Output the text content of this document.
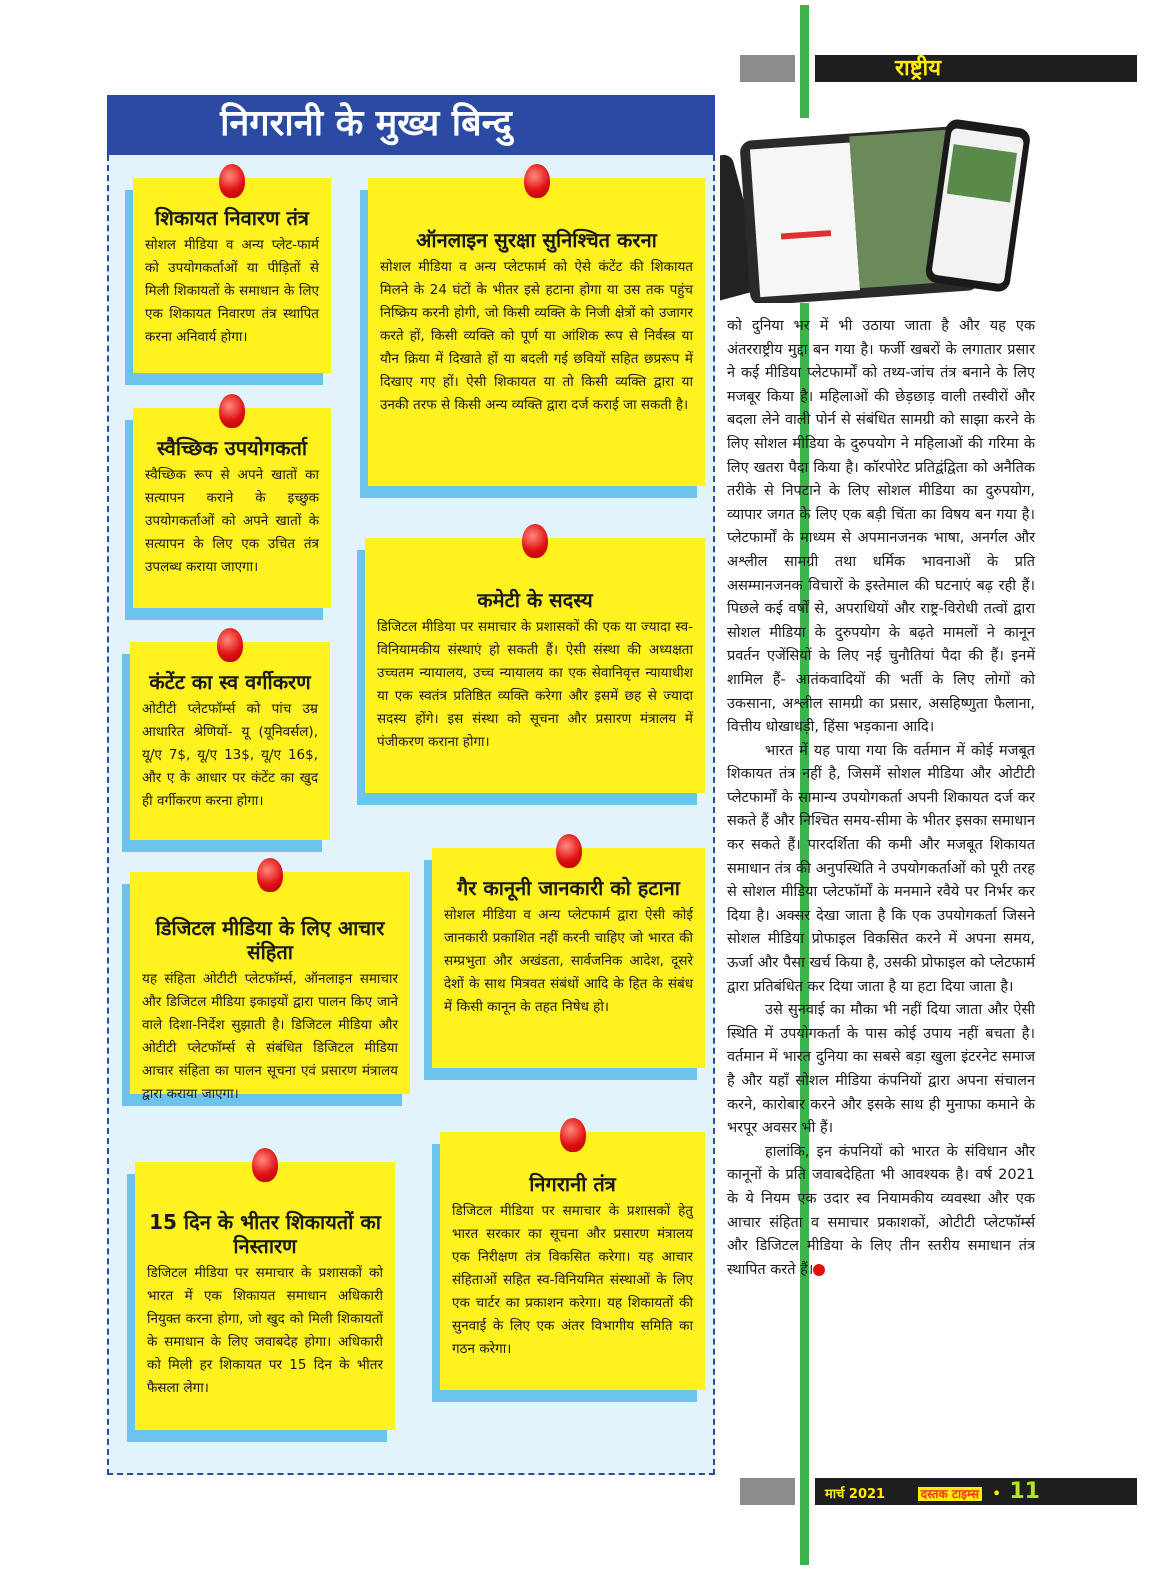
राष्ट्रीय
निगरानी के मुख्य बिन्दु
शिकायत निवारण तंत्र

सोशल मीडिया व अन्य प्लेट-फार्म को उपयोगकर्ताओं या पीड़ितों से मिली शिकायतों के समाधान के लिए एक शिकायत निवारण तंत्र स्थापित करना अनिवार्य होगा।

ऑनलाइन सुरक्षा सुनिश्चित करना

सोशल मीडिया व अन्य प्लेटफार्म को ऐसे कंटेंट की शिकायत मिलने के 24 घंटों के भीतर इसे हटाना होगा या उस तक पहुंच निष्क्रिय करनी होगी, जो किसी व्यक्ति के निजी क्षेत्रों को उजागर करते हों, किसी व्यक्ति को पूर्ण या आंशिक रूप से निर्वस्त्र या यौन क्रिया में दिखाते हों या बदली गई छवियों सहित छप्ररूप में दिखाए गए हों। ऐसी शिकायत या तो किसी व्यक्ति द्वारा या उनकी तरफ से किसी अन्य व्यक्ति द्वारा दर्ज कराई जा सकती है।

स्वैच्छिक उपयोगकर्ता

स्वैच्छिक रूप से अपने खातों का सत्यापन कराने के इच्छुक उपयोगकर्ताओं को अपने खातों के सत्यापन के लिए एक उचित तंत्र उपलब्ध कराया जाएगा।

कंटेंट का स्व वर्गीकरण

ओटीटी प्लेटफॉर्म्स को पांच उम्र आधारित श्रेणियों- यू (यूनिवर्सल), यू/ए 7$, यू/ए 13$, यू/ए 16$, और ए के आधार पर कंटेंट का खुद ही वर्गीकरण करना होगा।

कमेटी के सदस्य

डिजिटल मीडिया पर समाचार के प्रशासकों की एक या ज्यादा स्व-विनियामकीय संस्थाएं हो सकती हैं। ऐसी संस्था की अध्यक्षता उच्चतम न्यायालय, उच्च न्यायालय का एक सेवानिवृत्त न्यायाधीश या एक स्वतंत्र प्रतिष्ठित व्यक्ति करेगा और इसमें छह से ज्यादा सदस्य होंगे। इस संस्था को सूचना और प्रसारण मंत्रालय में पंजीकरण कराना होगा।

डिजिटल मीडिया के लिए आचार संहिता

यह संहिता ओटीटी प्लेटफॉर्म्स, ऑनलाइन समाचार और डिजिटल मीडिया इकाइयों द्वारा पालन किए जाने वाले दिशा-निर्देश सुझाती है। डिजिटल मीडिया और ओटीटी प्लेटफॉर्म्स से संबंधित डिजिटल मीडिया आचार संहिता का पालन सूचना एवं प्रसारण मंत्रालय द्वारा कराया जाएगा।

गैर कानूनी जानकारी को हटाना

सोशल मीडिया व अन्य प्लेटफार्म द्वारा ऐसी कोई जानकारी प्रकाशित नहीं करनी चाहिए जो भारत की सम्प्रभुता और अखंडता, सार्वजनिक आदेश, दूसरे देशों के साथ मित्रवत संबंधों आदि के हित के संबंध में किसी कानून के तहत निषेध हो।

15 दिन के भीतर शिकायतों का निस्तारण

डिजिटल मीडिया पर समाचार के प्रशासकों को भारत में एक शिकायत समाधान अधिकारी नियुक्त करना होगा, जो खुद को मिली शिकायतों के समाधान के लिए जवाबदेह होगा। अधिकारी को मिली हर शिकायत पर 15 दिन के भीतर फैसला लेगा।

निगरानी तंत्र

डिजिटल मीडिया पर समाचार के प्रशासकों हेतु भारत सरकार का सूचना और प्रसारण मंत्रालय एक निरीक्षण तंत्र विकसित करेगा। यह आचार संहिताओं सहित स्व-विनियमित संस्थाओं के लिए एक चार्टर का प्रकाशन करेगा। यह शिकायतों की सुनवाई के लिए एक अंतर विभागीय समिति का गठन करेगा।

को दुनिया भर में भी उठाया जाता है और यह एक अंतरराष्ट्रीय मुद्दा बन गया है। फर्जी खबरों के लगातार प्रसार ने कई मीडिया प्लेटफार्मों को तथ्य-जांच तंत्र बनाने के लिए मजबूर किया है। महिलाओं की छेड़छाड़ वाली तस्वीरों और बदला लेने वाली पोर्न से संबंधित सामग्री को साझा करने के लिए सोशल मीडिया के दुरुपयोग ने महिलाओं की गरिमा के लिए खतरा पैदा किया है। कॉरपोरेट प्रतिद्वंद्विता को अनैतिक तरीके से निपटाने के लिए सोशल मीडिया का दुरुपयोग, व्यापार जगत के लिए एक बड़ी चिंता का विषय बन गया है। प्लेटफार्मों के माध्यम से अपमानजनक भाषा, अनर्गल और अश्लील सामग्री तथा धर्मिक भावनाओं के प्रति असम्मानजनक विचारों के इस्तेमाल की घटनाएं बढ़ रही हैं। पिछले कई वर्षों से, अपराधियों और राष्ट्र-विरोधी तत्वों द्वारा सोशल मीडिया के दुरुपयोग के बढ़ते मामलों ने कानून प्रवर्तन एजेंसियों के लिए नई चुनौतियां पैदा की हैं। इनमें शामिल हैं- आतंकवादियों की भर्ती के लिए लोगों को उकसाना, अश्लील सामग्री का प्रसार, असहिष्णुता फैलाना, वित्तीय धोखाधड़ी, हिंसा भड़काना आदि।

भारत में यह पाया गया कि वर्तमान में कोई मजबूत शिकायत तंत्र नहीं है, जिसमें सोशल मीडिया और ओटीटी प्लेटफार्मों के सामान्य उपयोगकर्ता अपनी शिकायत दर्ज कर सकते हैं और निश्चित समय-सीमा के भीतर इसका समाधान कर सकते हैं। पारदर्शिता की कमी और मजबूत शिकायत समाधान तंत्र की अनुपस्थिति ने उपयोगकर्ताओं को पूरी तरह से सोशल मीडिया प्लेटफॉर्मों के मनमाने रवैये पर निर्भर कर दिया है। अक्सर देखा जाता है कि एक उपयोगकर्ता जिसने सोशल मीडिया प्रोफाइल विकसित करने में अपना समय, ऊर्जा और पैसा खर्च किया है, उसकी प्रोफाइल को प्लेटफार्म द्वारा प्रतिबंधित कर दिया जाता है या हटा दिया जाता है।

उसे सुनवाई का मौका भी नहीं दिया जाता और ऐसी स्थिति में उपयोगकर्ता के पास कोई उपाय नहीं बचता है। वर्तमान में भारत दुनिया का सबसे बड़ा खुला इंटरनेट समाज है और यहाँ सोशल मीडिया कंपनियों द्वारा अपना संचालन करने, कारोबार करने और इसके साथ ही मुनाफा कमाने के भरपूर अवसर भी हैं।

हालांकि, इन कंपनियों को भारत के संविधान और कानूनों के प्रति जवाबदेहिता भी आवश्यक है। वर्ष 2021 के ये नियम एक उदार स्व नियामकीय व्यवस्था और एक आचार संहिता व समाचार प्रकाशकों, ओटीटी प्लेटफॉर्म्स और डिजिटल मीडिया के लिए तीन स्तरीय समाधान तंत्र स्थापित करते हैं।

मार्च 2021	दस्तक टाइम्स • 11
